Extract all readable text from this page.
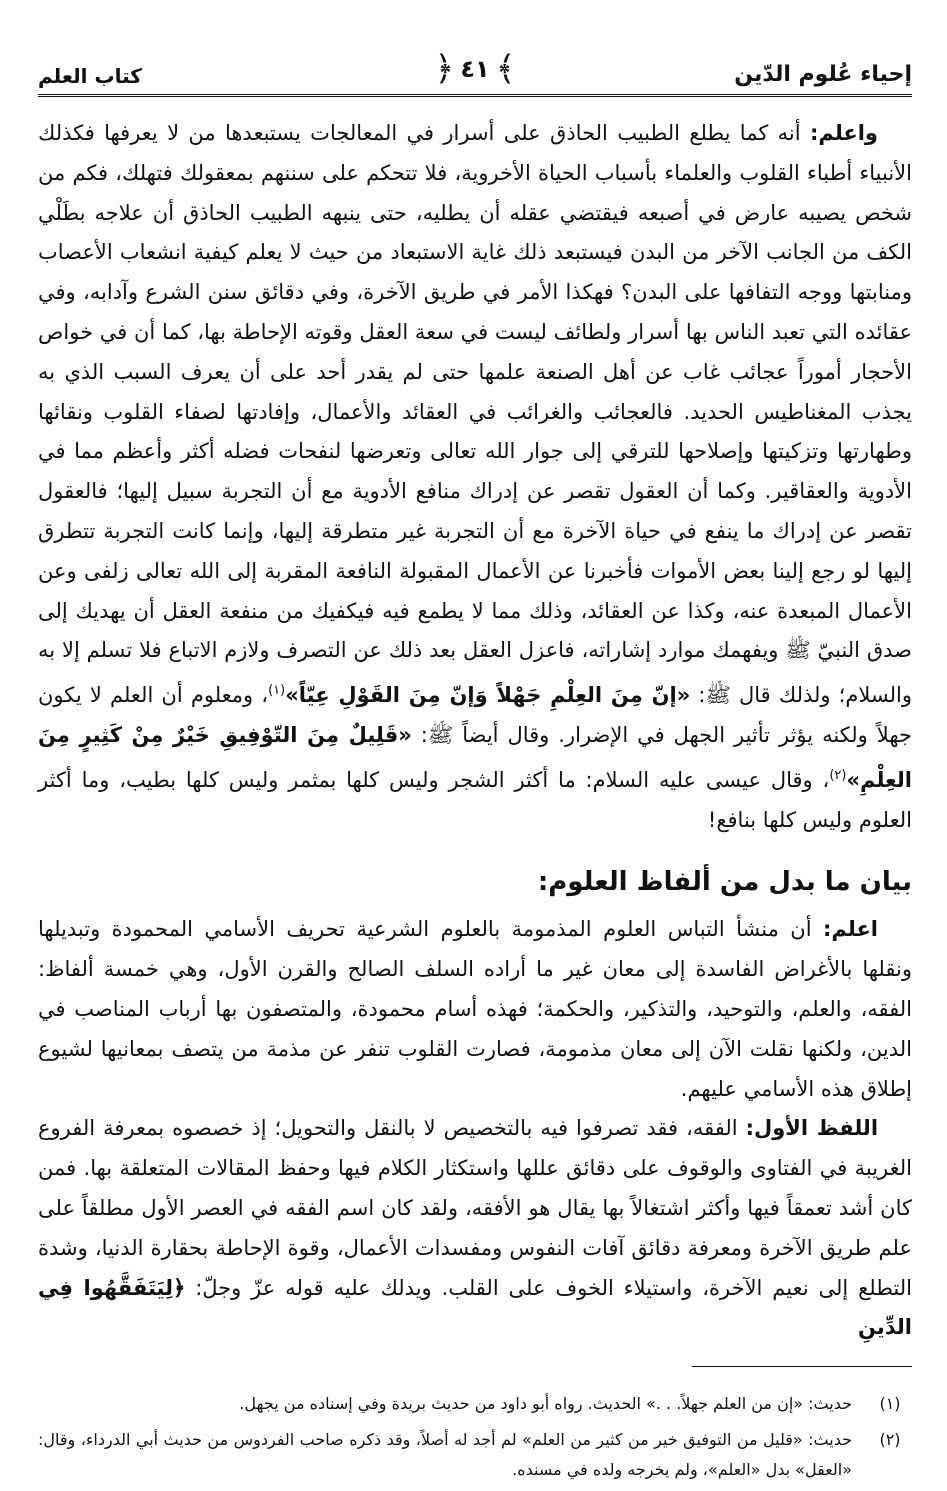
إحياء عُلوم الدّين
﴿ ٤١ ﴾
كتاب العلم

واعلم: أنه كما يطلع الطبيب الحاذق على أسرار في المعالجات يستبعدها من لا يعرفها فكذلك الأنبياء أطباء القلوب والعلماء بأسباب الحياة الأخروية، فلا تتحكم على سننهم بمعقولك فتهلك، فكم من شخص يصيبه عارض في أصبعه فيقتضي عقله أن يطليه، حتى ينبهه الطبيب الحاذق أن علاجه بطَلْي الكف من الجانب الآخر من البدن فيستبعد ذلك غاية الاستبعاد من حيث لا يعلم كيفية انشعاب الأعصاب ومنابتها ووجه التفافها على البدن؟ فهكذا الأمر في طريق الآخرة، وفي دقائق سنن الشرع وآدابه، وفي عقائده التي تعبد الناس بها أسرار ولطائف ليست في سعة العقل وقوته الإحاطة بها، كما أن في خواص الأحجار أموراً عجائب غاب عن أهل الصنعة علمها حتى لم يقدر أحد على أن يعرف السبب الذي به يجذب المغناطيس الحديد. فالعجائب والغرائب في العقائد والأعمال، وإفادتها لصفاء القلوب ونقائها وطهارتها وتزكيتها وإصلاحها للترقي إلى جوار الله تعالى وتعرضها لنفحات فضله أكثر وأعظم مما في الأدوية والعقاقير. وكما أن العقول تقصر عن إدراك منافع الأدوية مع أن التجربة سبيل إليها؛ فالعقول تقصر عن إدراك ما ينفع في حياة الآخرة مع أن التجربة غير متطرقة إليها، وإنما كانت التجربة تتطرق إليها لو رجع إلينا بعض الأموات فأخبرنا عن الأعمال المقبولة النافعة المقربة إلى الله تعالى زلفى وعن الأعمال المبعدة عنه، وكذا عن العقائد، وذلك مما لا يطمع فيه فيكفيك من منفعة العقل أن يهديك إلى صدق النبيّ ﷺ ويفهمك موارد إشاراته، فاعزل العقل بعد ذلك عن التصرف ولازم الاتباع فلا تسلم إلا به والسلام؛ ولذلك قال ﷺ: «إنّ مِنَ العِلْمِ جَهْلاً وَإنّ مِنَ القَوْلِ عِيّاً»$^{(١)}$، ومعلوم أن العلم لا يكون جهلاً ولكنه يؤثر تأثير الجهل في الإضرار. وقال أيضاً ﷺ: «قَلِيلٌ مِنَ التّوْفِيقِ خَيْرٌ مِنْ كَثِيرٍ مِنَ العِلْمِ»$^{(٢)}$، وقال عيسى عليه السلام: ما أكثر الشجر وليس كلها بمثمر وليس كلها بطيب، وما أكثر العلوم وليس كلها بنافع!

بيان ما بدل من ألفاظ العلوم:

اعلم: أن منشأ التباس العلوم المذمومة بالعلوم الشرعية تحريف الأسامي المحمودة وتبديلها ونقلها بالأغراض الفاسدة إلى معان غير ما أراده السلف الصالح والقرن الأول، وهي خمسة ألفاظ: الفقه، والعلم، والتوحيد، والتذكير، والحكمة؛ فهذه أسام محمودة، والمتصفون بها أرباب المناصب في الدين، ولكنها نقلت الآن إلى معان مذمومة، فصارت القلوب تنفر عن مذمة من يتصف بمعانيها لشيوع إطلاق هذه الأسامي عليهم.

اللفظ الأول: الفقه، فقد تصرفوا فيه بالتخصيص لا بالنقل والتحويل؛ إذ خصصوه بمعرفة الفروع الغريبة في الفتاوى والوقوف على دقائق عللها واستكثار الكلام فيها وحفظ المقالات المتعلقة بها. فمن كان أشد تعمقاً فيها وأكثر اشتغالاً بها يقال هو الأفقه، ولقد كان اسم الفقه في العصر الأول مطلقاً على علم طريق الآخرة ومعرفة دقائق آفات النفوس ومفسدات الأعمال، وقوة الإحاطة بحقارة الدنيا، وشدة التطلع إلى نعيم الآخرة، واستيلاء الخوف على القلب. ويدلك عليه قوله عزّ وجلّ: ﴿لِيَتَفَقَّهُوا فِي الدِّينِ

(١)
حديث: «إن من العلم جهلاً. . .» الحديث. رواه أبو داود من حديث بريدة وفي إسناده من يجهل.
(٢)
حديث: «قليل من التوفيق خير من كثير من العلم» لم أجد له أصلاً، وقد ذكره صاحب الفردوس من حديث أبي الدرداء، وقال: «العقل» بدل «العلم»، ولم يخرجه ولده في مسنده.
